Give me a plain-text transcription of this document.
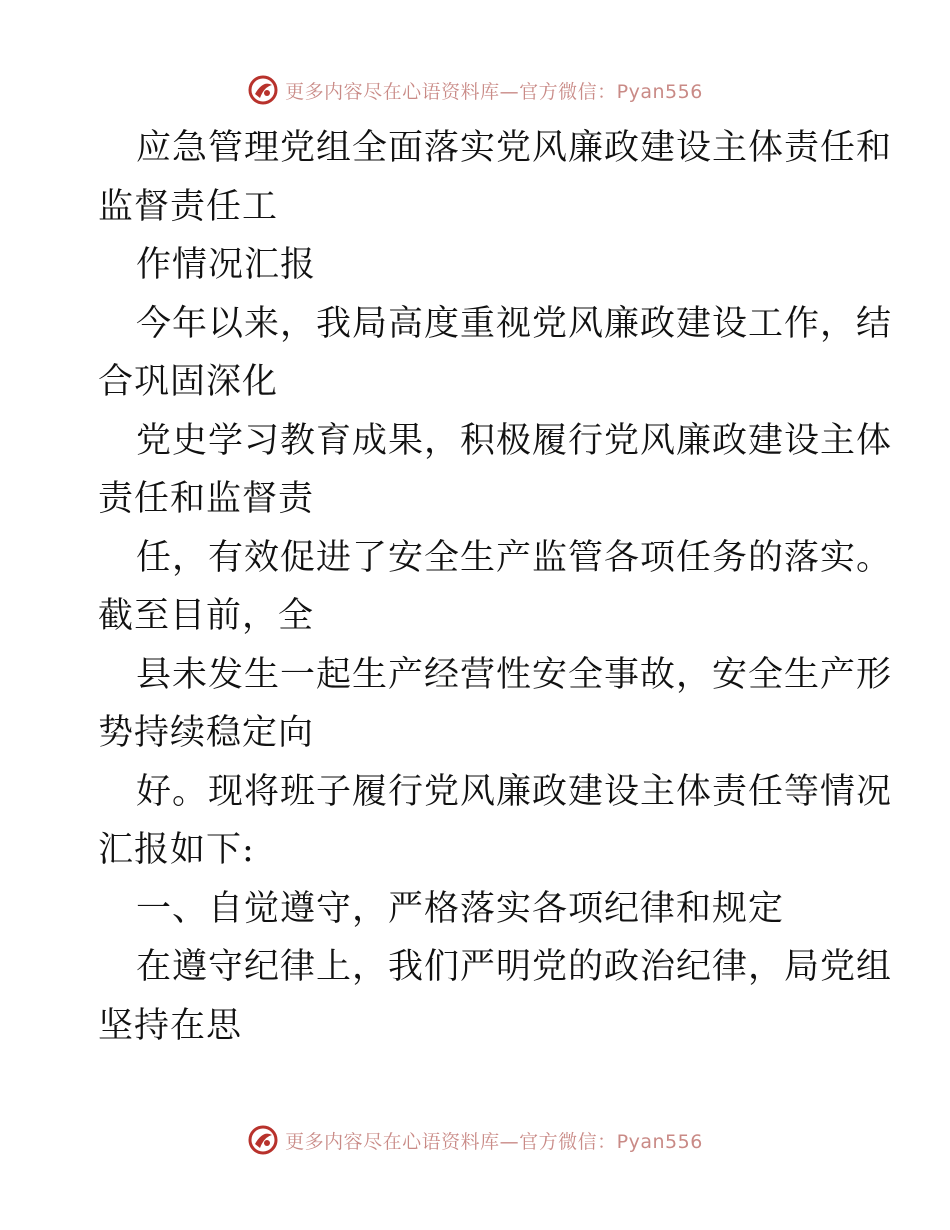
更多内容尽在心语资料库—官方微信：Pyan556
应急管理党组全面落实党风廉政建设主体责任和
监督责任工
作情况汇报
今年以来，我局高度重视党风廉政建设工作，结
合巩固深化
党史学习教育成果，积极履行党风廉政建设主体
责任和监督责
任，有效促进了安全生产监管各项任务的落实。
截至目前，全
县未发生一起生产经营性安全事故，安全生产形
势持续稳定向
好。现将班子履行党风廉政建设主体责任等情况
汇报如下:
一、自觉遵守，严格落实各项纪律和规定
在遵守纪律上，我们严明党的政治纪律，局党组
坚持在思
更多内容尽在心语资料库—官方微信：Pyan556
